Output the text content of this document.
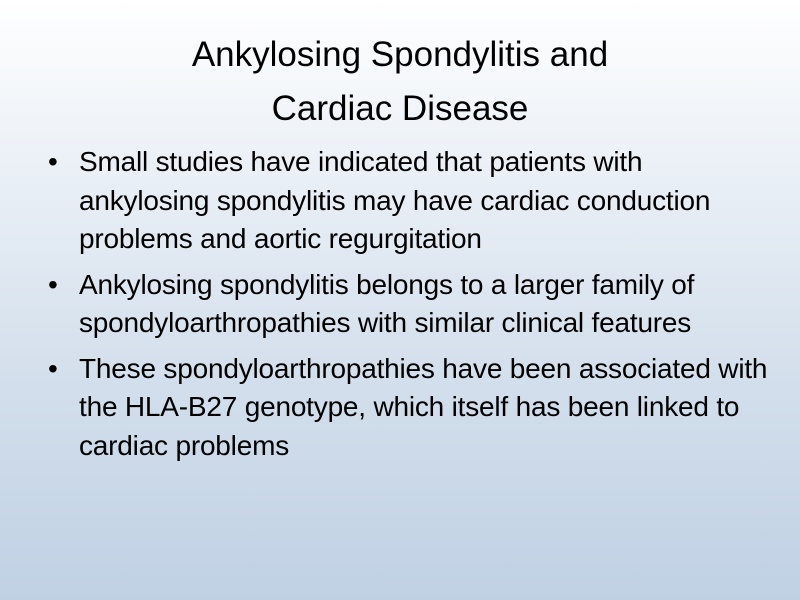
Ankylosing Spondylitis and
Cardiac Disease
• Small studies have indicated that patients with ankylosing spondylitis may have cardiac conduction problems and aortic regurgitation
• Ankylosing spondylitis belongs to a larger family of spondyloarthropathies with similar clinical features
• These spondyloarthropathies have been associated with the HLA-B27 genotype, which itself has been linked to cardiac problems
